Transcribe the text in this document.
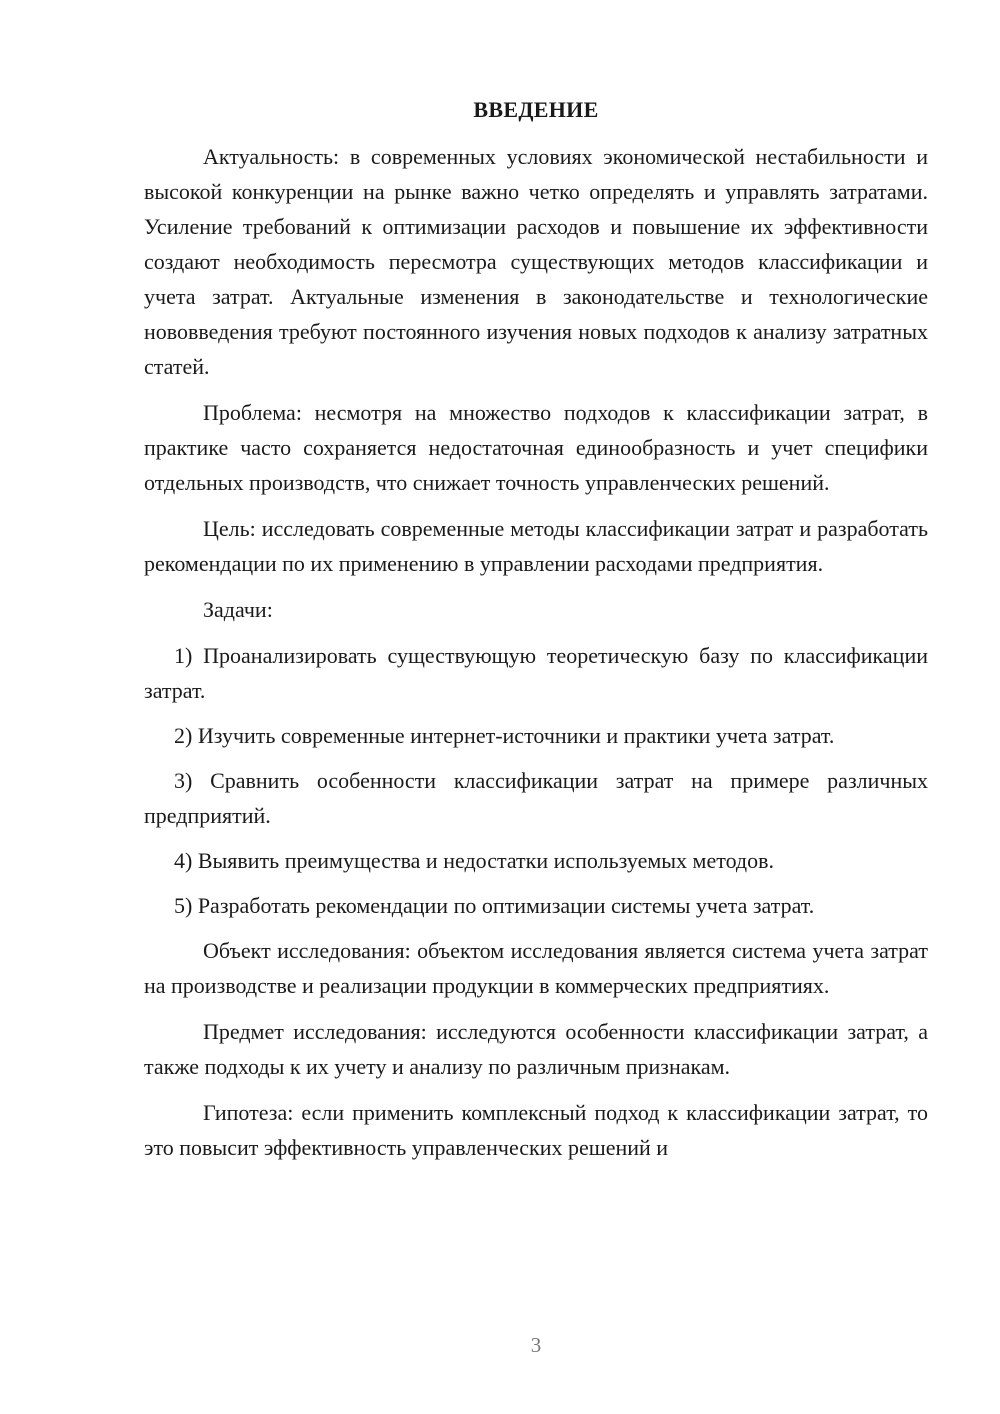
ВВЕДЕНИЕ

Актуальность: в современных условиях экономической нестабильности и высокой конкуренции на рынке важно четко определять и управлять затратами. Усиление требований к оптимизации расходов и повышение их эффективности создают необходимость пересмотра существующих методов классификации и учета затрат. Актуальные изменения в законодательстве и технологические нововведения требуют постоянного изучения новых подходов к анализу затратных статей.

Проблема: несмотря на множество подходов к классификации затрат, в практике часто сохраняется недостаточная единообразность и учет специфики отдельных производств, что снижает точность управленческих решений.

Цель: исследовать современные методы классификации затрат и разработать рекомендации по их применению в управлении расходами предприятия.

Задачи:

1) Проанализировать существующую теоретическую базу по классификации затрат.

2) Изучить современные интернет-источники и практики учета затрат.

3) Сравнить особенности классификации затрат на примере различных предприятий.

4) Выявить преимущества и недостатки используемых методов.

5) Разработать рекомендации по оптимизации системы учета затрат.

Объект исследования: объектом исследования является система учета затрат на производстве и реализации продукции в коммерческих предприятиях.

Предмет исследования: исследуются особенности классификации затрат, а также подходы к их учету и анализу по различным признакам.

Гипотеза: если применить комплексный подход к классификации затрат, то это повысит эффективность управленческих решений и

3
